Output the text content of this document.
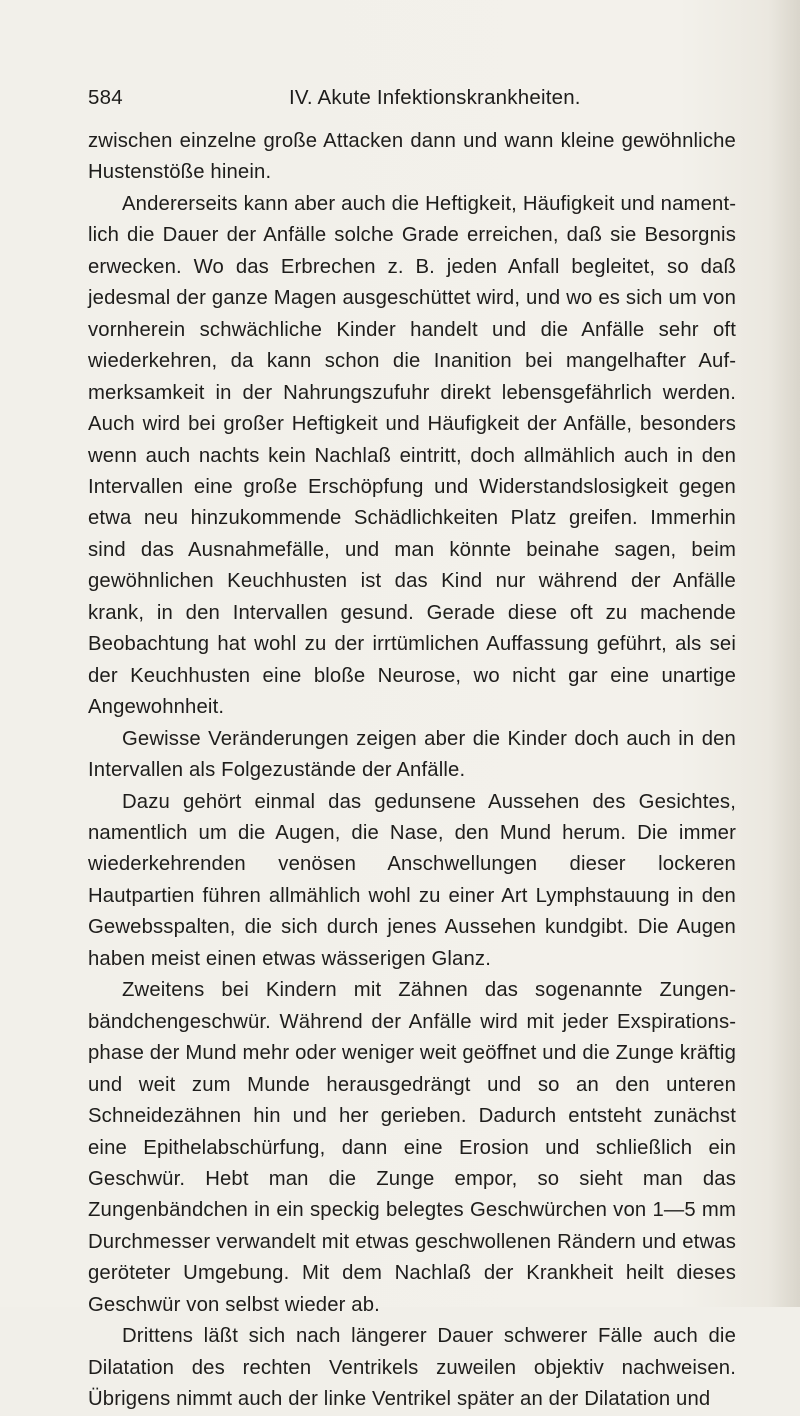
584	IV. Akute Infektionskrankheiten.

zwischen einzelne große Attacken dann und wann kleine gewöhnliche Hustenstöße hinein.

Andererseits kann aber auch die Heftigkeit, Häufigkeit und namentlich die Dauer der Anfälle solche Grade erreichen, daß sie Besorgnis erwecken. Wo das Erbrechen z. B. jeden Anfall begleitet, so daß jedesmal der ganze Magen ausgeschüttet wird, und wo es sich um von vornherein schwächliche Kinder handelt und die Anfälle sehr oft wiederkehren, da kann schon die Inanition bei mangelhafter Aufmerksamkeit in der Nahrungszufuhr direkt lebensgefährlich werden. Auch wird bei großer Heftigkeit und Häufigkeit der Anfälle, besonders wenn auch nachts kein Nachlaß eintritt, doch allmählich auch in den Intervallen eine große Erschöpfung und Widerstandslosigkeit gegen etwa neu hinzukommende Schädlichkeiten Platz greifen. Immerhin sind das Ausnahmefälle, und man könnte beinahe sagen, beim gewöhnlichen Keuchhusten ist das Kind nur während der Anfälle krank, in den Intervallen gesund. Gerade diese oft zu machende Beobachtung hat wohl zu der irrtümlichen Auffassung geführt, als sei der Keuchhusten eine bloße Neurose, wo nicht gar eine unartige Angewohnheit.

Gewisse Veränderungen zeigen aber die Kinder doch auch in den Intervallen als Folgezustände der Anfälle.

Dazu gehört einmal das gedunsene Aussehen des Gesichtes, namentlich um die Augen, die Nase, den Mund herum. Die immer wiederkehrenden venösen Anschwellungen dieser lockeren Hautpartien führen allmählich wohl zu einer Art Lymphstauung in den Gewebsspalten, die sich durch jenes Aussehen kundgibt. Die Augen haben meist einen etwas wässerigen Glanz.

Zweitens bei Kindern mit Zähnen das sogenannte Zungenbändchengeschwür. Während der Anfälle wird mit jeder Exspirationsphase der Mund mehr oder weniger weit geöffnet und die Zunge kräftig und weit zum Munde herausgedrängt und so an den unteren Schneidezähnen hin und her gerieben. Dadurch entsteht zunächst eine Epithelabschürfung, dann eine Erosion und schließlich ein Geschwür. Hebt man die Zunge empor, so sieht man das Zungenbändchen in ein speckig belegtes Geschwürchen von 1—5 mm Durchmesser verwandelt mit etwas geschwollenen Rändern und etwas geröteter Umgebung. Mit dem Nachlaß der Krankheit heilt dieses Geschwür von selbst wieder ab.

Drittens läßt sich nach längerer Dauer schwerer Fälle auch die Dilatation des rechten Ventrikels zuweilen objektiv nachweisen. Übrigens nimmt auch der linke Ventrikel später an der Dilatation und
